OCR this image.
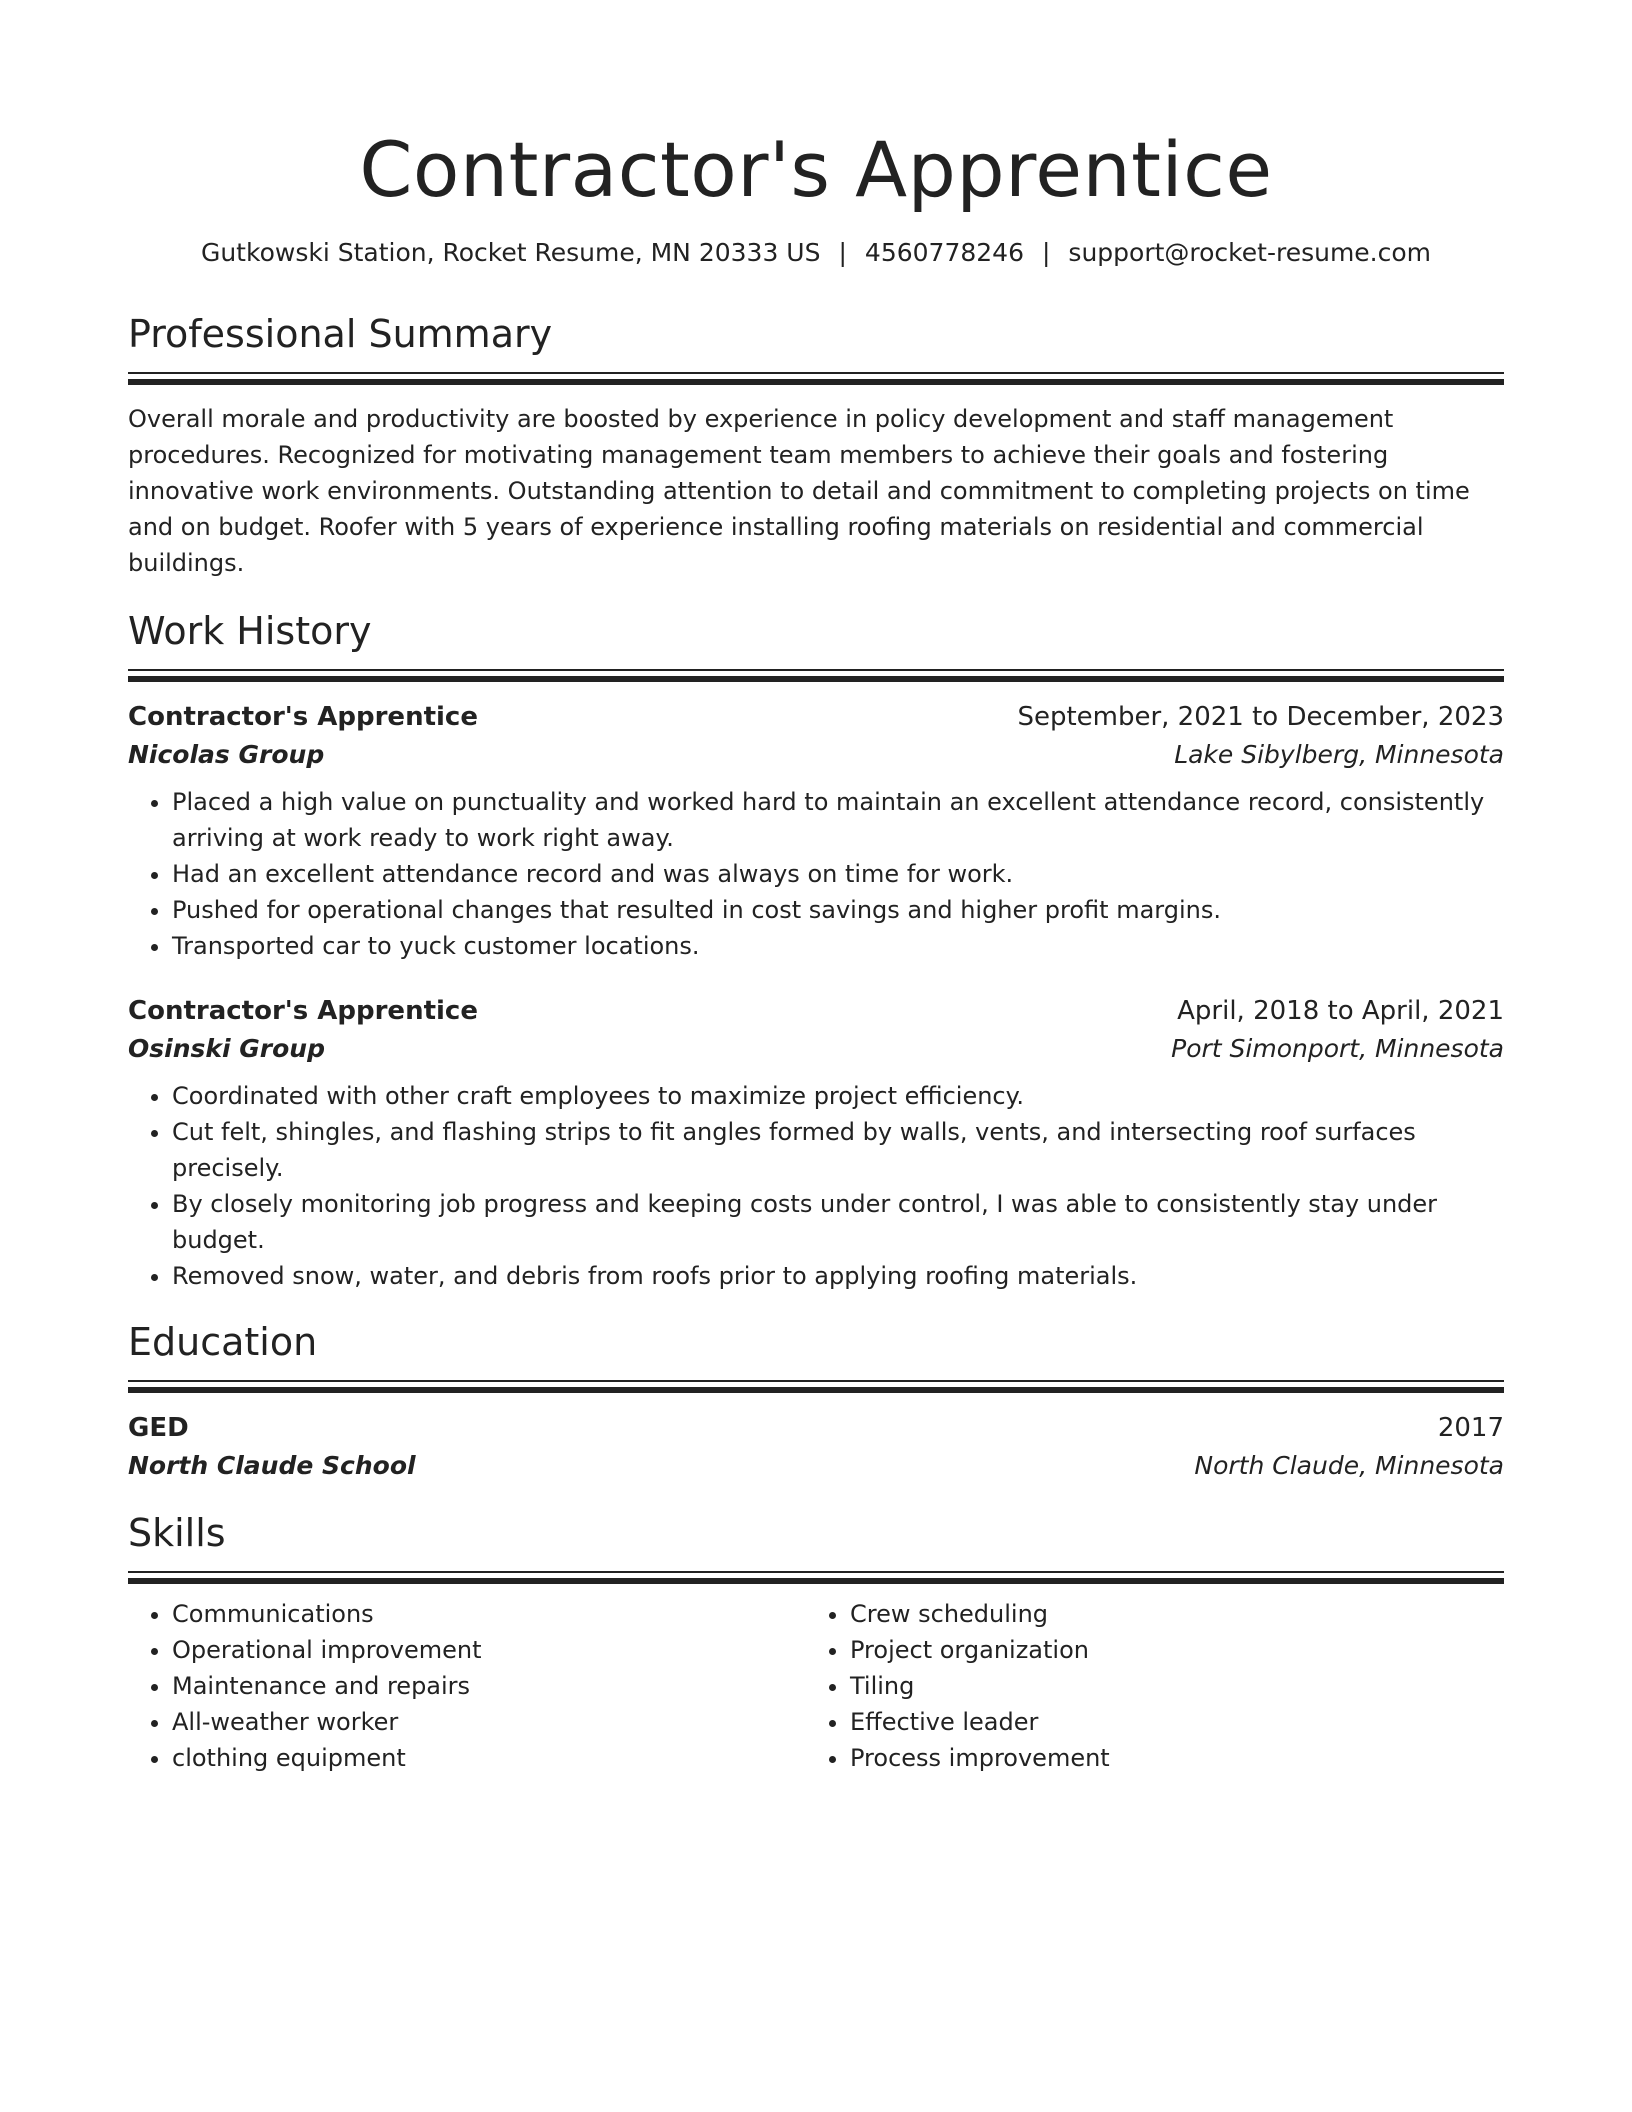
Contractor's Apprentice
Gutkowski Station, Rocket Resume, MN 20333 US | 4560778246 | support@rocket-resume.com
Professional Summary
Overall morale and productivity are boosted by experience in policy development and staff management procedures. Recognized for motivating management team members to achieve their goals and fostering innovative work environments. Outstanding attention to detail and commitment to completing projects on time and on budget. Roofer with 5 years of experience installing roofing materials on residential and commercial buildings.
Work History
Contractor's Apprentice	September, 2021 to December, 2023
Nicolas Group	Lake Sibylberg, Minnesota
• Placed a high value on punctuality and worked hard to maintain an excellent attendance record, consistently arriving at work ready to work right away.
• Had an excellent attendance record and was always on time for work.
• Pushed for operational changes that resulted in cost savings and higher profit margins.
• Transported car to yuck customer locations.
Contractor's Apprentice	April, 2018 to April, 2021
Osinski Group	Port Simonport, Minnesota
• Coordinated with other craft employees to maximize project efficiency.
• Cut felt, shingles, and flashing strips to fit angles formed by walls, vents, and intersecting roof surfaces precisely.
• By closely monitoring job progress and keeping costs under control, I was able to consistently stay under budget.
• Removed snow, water, and debris from roofs prior to applying roofing materials.
Education
GED	2017
North Claude School	North Claude, Minnesota
Skills
• Communications
• Operational improvement
• Maintenance and repairs
• All-weather worker
• clothing equipment
• Crew scheduling
• Project organization
• Tiling
• Effective leader
• Process improvement
